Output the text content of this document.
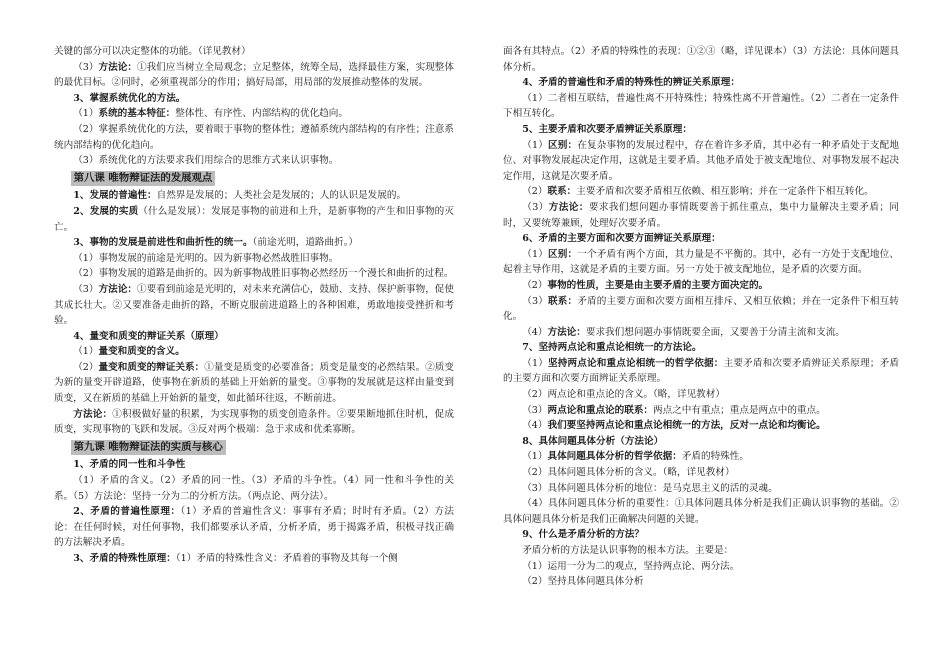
关键的部分可以决定整体的功能。（详见教材）

（3）方法论：①我们应当树立全局观念；立足整体，统筹全局，选择最佳方案，实现整体的最优目标。②同时，必须重视部分的作用；搞好局部，用局部的发展推动整体的发展。

3、掌握系统优化的方法。

（1）系统的基本特征：整体性、有序性、内部结构的优化趋向。

（2）掌握系统优化的方法，要着眼于事物的整体性；遵循系统内部结构的有序性；注意系统内部结构的优化趋向。

（3）系统优化的方法要求我们用综合的思维方式来认识事物。

第八课 唯物辩证法的发展观点

1、发展的普遍性：自然界是发展的；人类社会是发展的；人的认识是发展的。

2、发展的实质（什么是发展）：发展是事物的前进和上升，是新事物的产生和旧事物的灭亡。

3、事物的发展是前进性和曲折性的统一。（前途光明，道路曲折。）

（1）事物发展的前途是光明的。因为新事物必然战胜旧事物。

（2）事物发展的道路是曲折的。因为新事物战胜旧事物必然经历一个漫长和曲折的过程。

（3）方法论：①要看到前途是光明的，对未来充满信心，鼓励、支持、保护新事物，促使其成长壮大。②又要准备走曲折的路，不断克服前进道路上的各种困难，勇敢地接受挫折和考验。

4、量变和质变的辩证关系（原理）

（1）量变和质变的含义。

（2）量变和质变的辩证关系：①量变是质变的必要准备；质变是量变的必然结果。②质变为新的量变开辟道路，使事物在新质的基础上开始新的量变。③事物的发展就是这样由量变到质变，又在新质的基础上开始新的量变，如此循环往返，不断前进。

方法论：①积极做好量的积累，为实现事物的质变创造条件。②要果断地抓住时机，促成质变，实现事物的飞跃和发展。③反对两个极端：急于求成和优柔寡断。

第九课 唯物辩证法的实质与核心

1、矛盾的同一性和斗争性

（1）矛盾的含义。（2）矛盾的同一性。（3）矛盾的斗争性。（4）同一性和斗争性的关系。（5）方法论：坚持一分为二的分析方法。（两点论、两分法）。

2、矛盾的普遍性原理：（1）矛盾的普遍性含义：事事有矛盾；时时有矛盾。（2）方法论：在任何时候，对任何事物，我们都要承认矛盾，分析矛盾，勇于揭露矛盾，积极寻找正确的方法解决矛盾。

3、矛盾的特殊性原理：（1）矛盾的特殊性含义：矛盾着的事物及其每一个侧

面各有其特点。（2）矛盾的特殊性的表现：①②③（略，详见课本）（3）方法论：具体问题具体分析。

4、矛盾的普遍性和矛盾的特殊性的辨证关系原理：

（1）二者相互联结，普遍性离不开特殊性；特殊性离不开普遍性。（2）二者在一定条件下相互转化。

5、主要矛盾和次要矛盾辨证关系原理：

（1）区别：在复杂事物的发展过程中，存在着许多矛盾，其中必有一种矛盾处于支配地位、对事物发展起决定作用，这就是主要矛盾。其他矛盾处于被支配地位、对事物发展不起决定作用，这就是次要矛盾。

（2）联系：主要矛盾和次要矛盾相互依赖、相互影响；并在一定条件下相互转化。

（3）方法论：要求我们想问题办事情既要善于抓住重点，集中力量解决主要矛盾；同时，又要统筹兼顾，处理好次要矛盾。

6、矛盾的主要方面和次要方面辨证关系原理：

（1）区别：一个矛盾有两个方面，其力量是不平衡的。其中，必有一方处于支配地位、起着主导作用，这就是矛盾的主要方面。另一方处于被支配地位，是矛盾的次要方面。

（2）事物的性质，主要是由主要矛盾的主要方面决定的。

（3）联系：矛盾的主要方面和次要方面相互排斥、又相互依赖；并在一定条件下相互转化。

（4）方法论：要求我们想问题办事情既要全面，又要善于分清主流和支流。

7、坚持两点论和重点论相统一的方法论。

（1）坚持两点论和重点论相统一的哲学依据：主要矛盾和次要矛盾辨证关系原理；矛盾的主要方面和次要方面辨证关系原理。

（2）两点论和重点论的含义。（略，详见教材）

（3）两点论和重点论的联系：两点之中有重点；重点是两点中的重点。

（4）我们要坚持两点论和重点论相统一的方法，反对一点论和均衡论。

8、具体问题具体分析（方法论）

（1）具体问题具体分析的哲学依据：矛盾的特殊性。

（2）具体问题具体分析的含义。（略，详见教材）

（3）具体问题具体分析的地位：是马克思主义的活的灵魂。

（4）具体问题具体分析的重要性：①具体问题具体分析是我们正确认识事物的基础。②具体问题具体分析是我们正确解决问题的关键。

9、什么是矛盾分析的方法？

矛盾分析的方法是认识事物的根本方法。主要是：

（1）运用一分为二的观点，坚持两点论、两分法。

（2）坚持具体问题具体分析
